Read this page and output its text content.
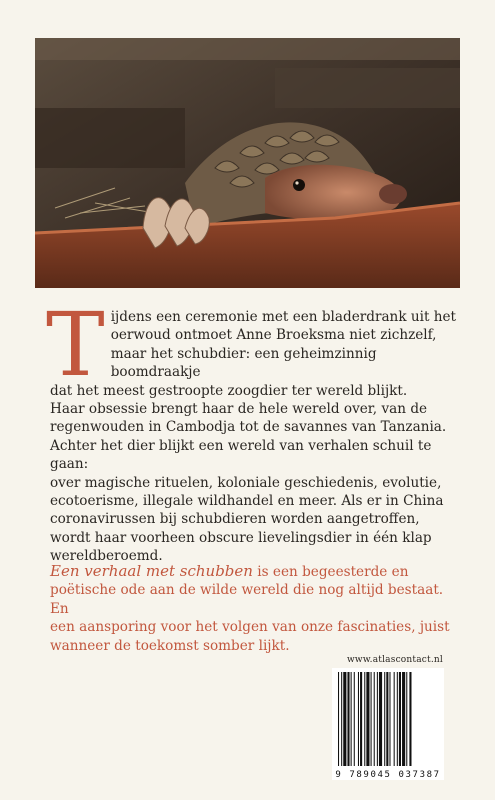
T ijdens een ceremonie met een bladerdrank uit het
oerwoud ontmoet Anne Broeksma niet zichzelf,
maar het schubdier: een geheimzinnig boomdraakje
dat het meest gestroopte zoogdier ter wereld blijkt.
Haar obsessie brengt haar de hele wereld over, van de
regenwouden in Cambodja tot de savannes van Tanzania.
Achter het dier blijkt een wereld van verhalen schuil te gaan:
over magische rituelen, koloniale geschiedenis, evolutie,
ecotoerisme, illegale wildhandel en meer. Als er in China
coronavirussen bij schubdieren worden aangetroffen,
wordt haar voorheen obscure lievelingsdier in één klap
wereldberoemd.
Een verhaal met schubben is een begeesterde en
poëtische ode aan de wilde wereld die nog altijd bestaat. En
een aansporing voor het volgen van onze fascinaties, juist
wanneer de toekomst somber lijkt.
www.atlascontact.nl
9 789045 037387
